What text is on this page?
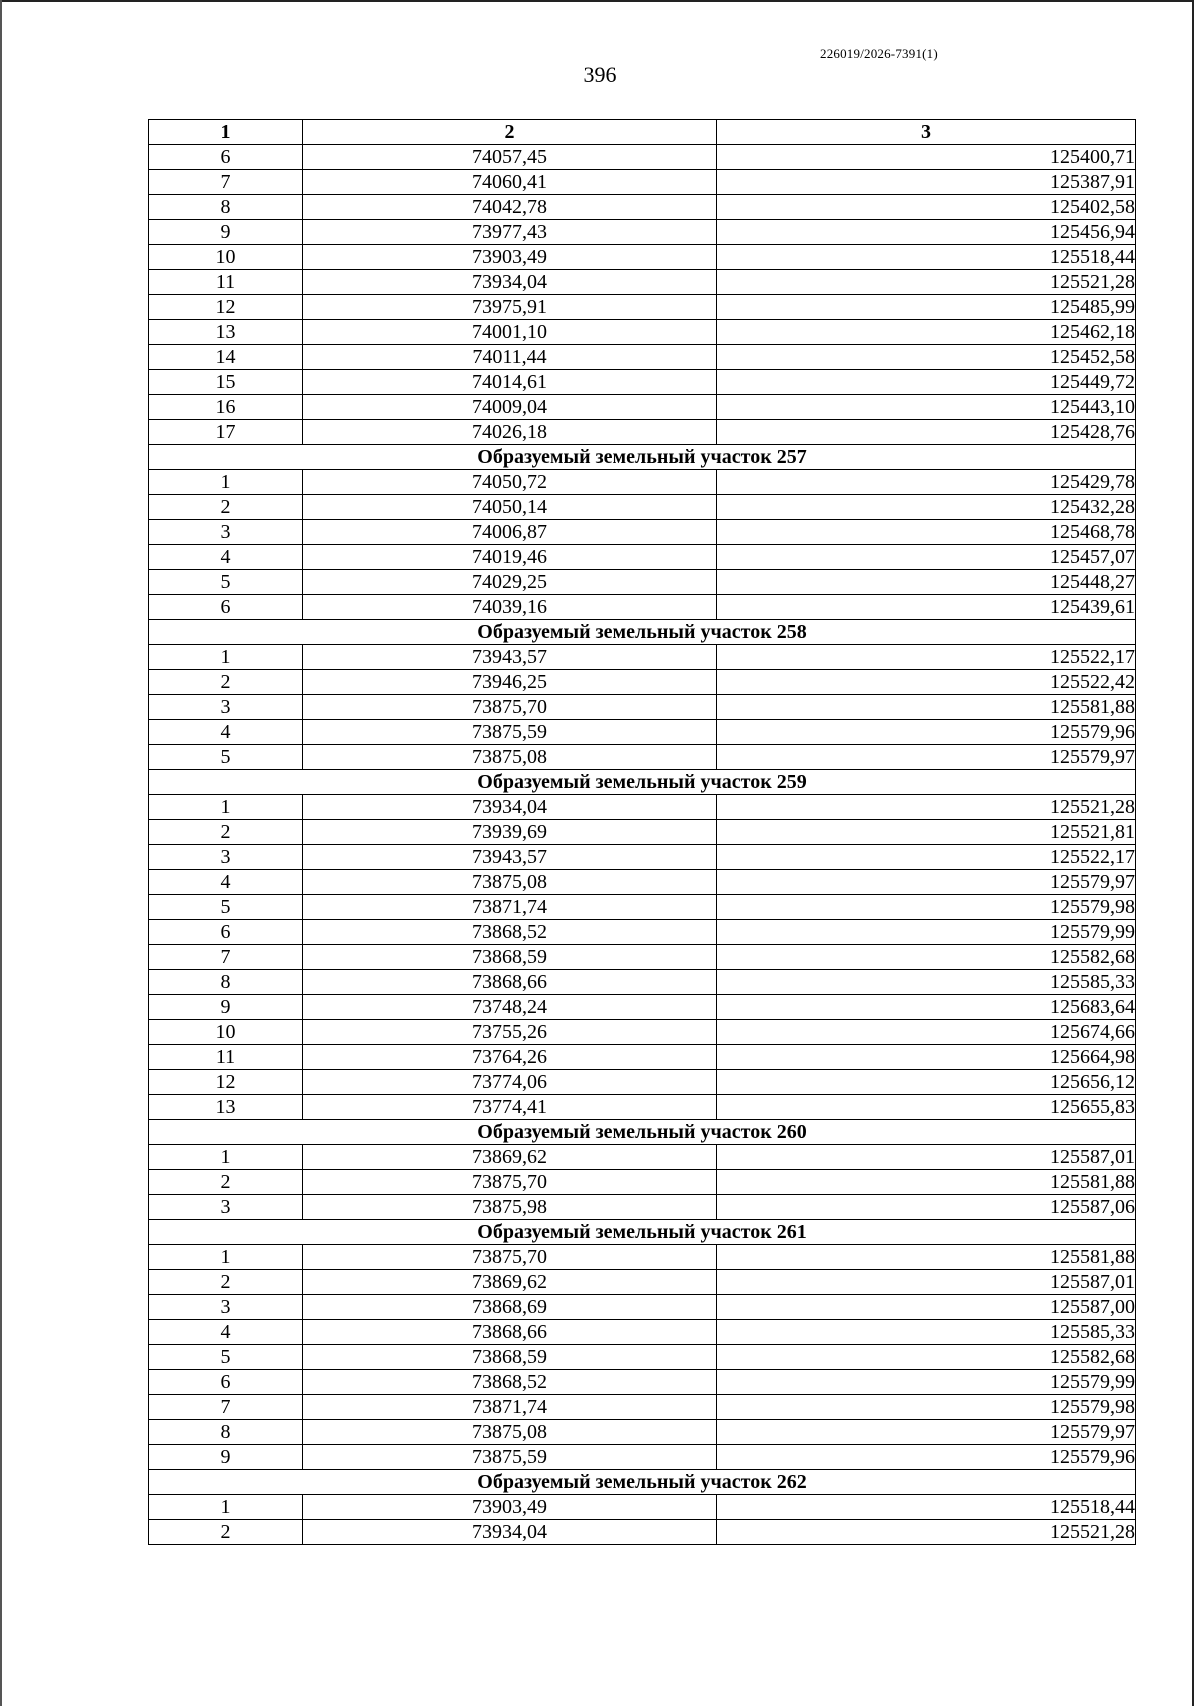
226019/2026-7391(1)
396
1	2	3
6	74057,45	125400,71
7	74060,41	125387,91
8	74042,78	125402,58
9	73977,43	125456,94
10	73903,49	125518,44
11	73934,04	125521,28
12	73975,91	125485,99
13	74001,10	125462,18
14	74011,44	125452,58
15	74014,61	125449,72
16	74009,04	125443,10
17	74026,18	125428,76
Образуемый земельный участок 257		
1	74050,72	125429,78
2	74050,14	125432,28
3	74006,87	125468,78
4	74019,46	125457,07
5	74029,25	125448,27
6	74039,16	125439,61
Образуемый земельный участок 258		
1	73943,57	125522,17
2	73946,25	125522,42
3	73875,70	125581,88
4	73875,59	125579,96
5	73875,08	125579,97
Образуемый земельный участок 259		
1	73934,04	125521,28
2	73939,69	125521,81
3	73943,57	125522,17
4	73875,08	125579,97
5	73871,74	125579,98
6	73868,52	125579,99
7	73868,59	125582,68
8	73868,66	125585,33
9	73748,24	125683,64
10	73755,26	125674,66
11	73764,26	125664,98
12	73774,06	125656,12
13	73774,41	125655,83
Образуемый земельный участок 260		
1	73869,62	125587,01
2	73875,70	125581,88
3	73875,98	125587,06
Образуемый земельный участок 261		
1	73875,70	125581,88
2	73869,62	125587,01
3	73868,69	125587,00
4	73868,66	125585,33
5	73868,59	125582,68
6	73868,52	125579,99
7	73871,74	125579,98
8	73875,08	125579,97
9	73875,59	125579,96
Образуемый земельный участок 262		
1	73903,49	125518,44
2	73934,04	125521,28
